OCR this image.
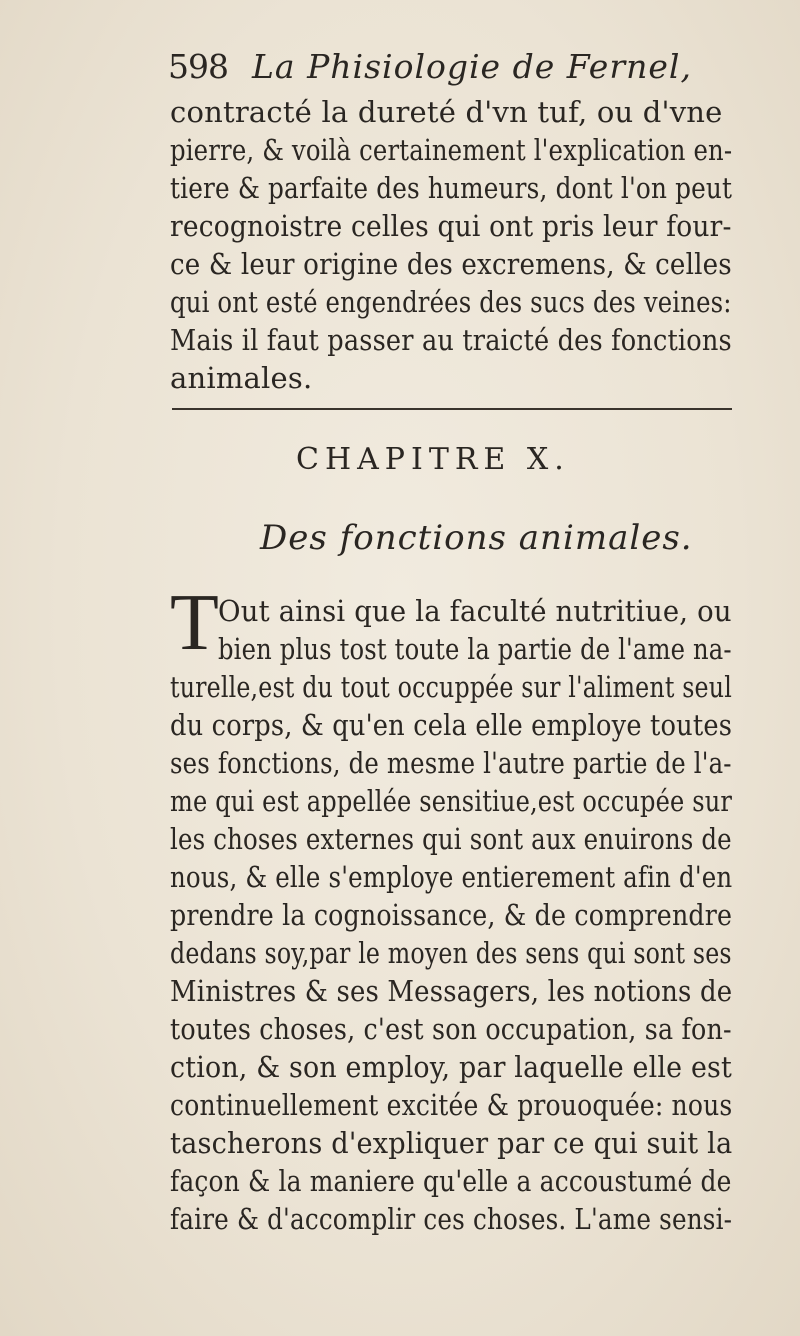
598 La Phisiologie de Fernel,
contracté la dureté d'vn tuf, ou d'vne
pierre, & voilà certainement l'explication en-
tiere & parfaite des humeurs, dont l'on peut
recognoistre celles qui ont pris leur four-
ce & leur origine des excremens, & celles
qui ont esté engendrées des sucs des veines:
Mais il faut passer au traicté des fonctions
animales.
CHAPITRE X.
Des fonctions animales.
T Out ainsi que la faculté nutritiue, ou
bien plus tost toute la partie de l'ame na-
turelle,est du tout occuppée sur l'aliment seul
du corps, & qu'en cela elle employe toutes
ses fonctions, de mesme l'autre partie de l'a-
me qui est appellée sensitiue,est occupée sur
les choses externes qui sont aux enuirons de
nous, & elle s'employe entierement afin d'en
prendre la cognoissance, & de comprendre
dedans soy,par le moyen des sens qui sont ses
Ministres & ses Messagers, les notions de
toutes choses, c'est son occupation, sa fon-
ction, & son employ, par laquelle elle est
continuellement excitée & prouoquée: nous
tascherons d'expliquer par ce qui suit la
façon & la maniere qu'elle a accoustumé de
faire & d'accomplir ces choses. L'ame sensi-
